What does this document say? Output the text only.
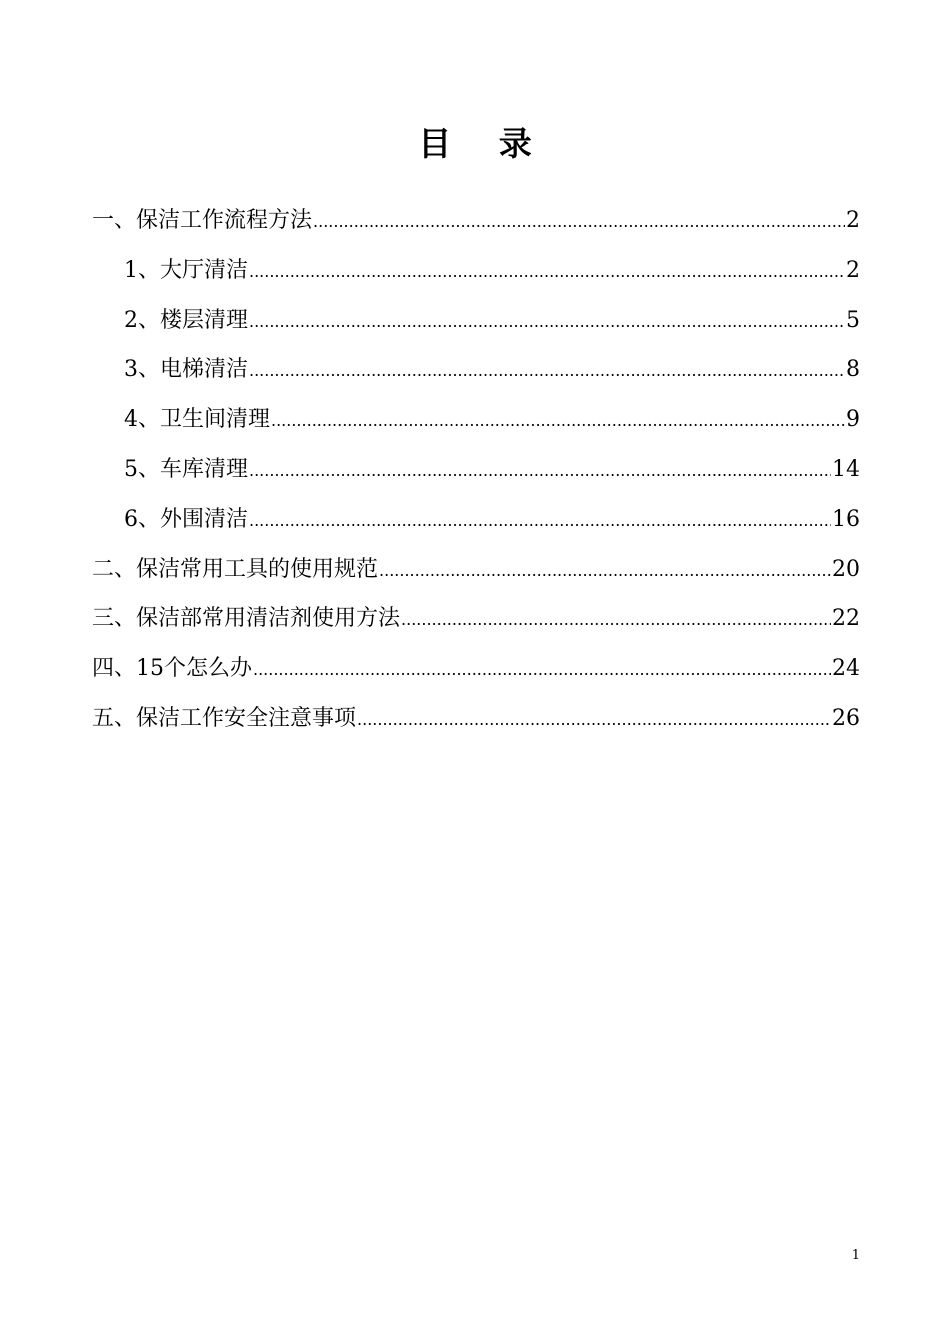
目 录
一、保洁工作流程方法 .....	2
1、大厅清洁 .....	2
2、楼层清理 .....	5
3、电梯清洁 .....	8
4、卫生间清理 .....	9
5、车库清理 .....	14
6、外围清洁 .....	16
二、保洁常用工具的使用规范 .....	20
三、保洁部常用清洁剂使用方法 .....	22
四、15个怎么办 .....	24
五、保洁工作安全注意事项 .....	26
1
